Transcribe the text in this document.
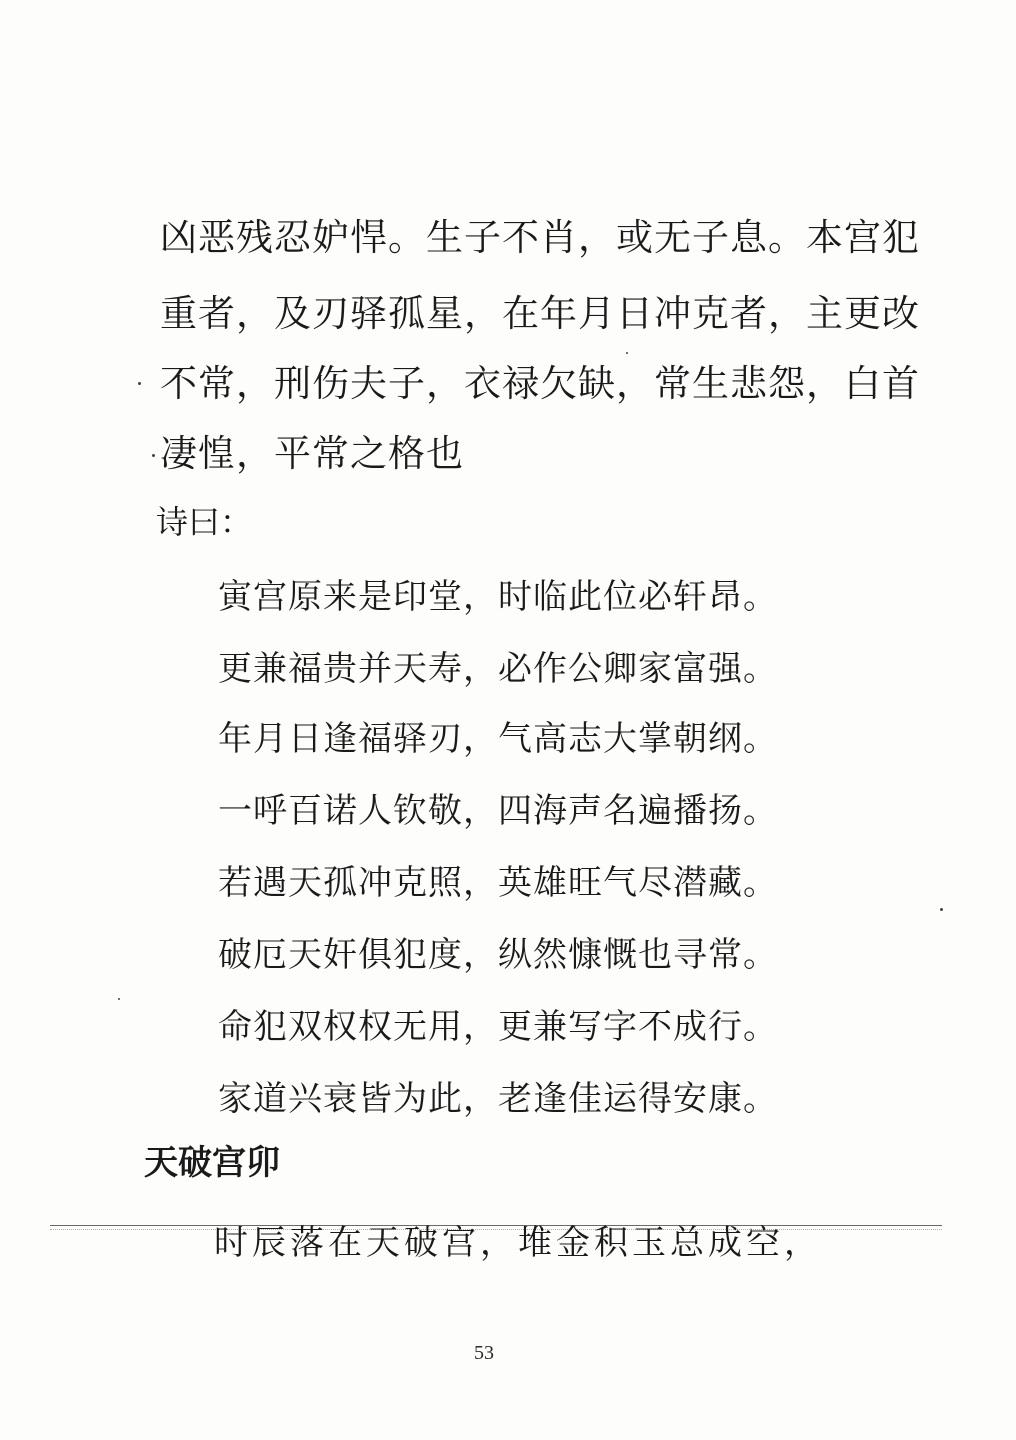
凶恶残忍妒悍。生子不肖，或无子息。本宫犯
重者，及刃驿孤星，在年月日冲克者，主更改
不常，刑伤夫子，衣禄欠缺，常生悲怨，白首
凄惶，平常之格也
诗曰：
寅宫原来是印堂，时临此位必轩昂。
更兼福贵并天寿，必作公卿家富强。
年月日逢福驿刃，气高志大掌朝纲。
一呼百诺人钦敬，四海声名遍播扬。
若遇天孤冲克照，英雄旺气尽潜藏。
破厄天奸俱犯度，纵然慷慨也寻常。
命犯双权权无用，更兼写字不成行。
家道兴衰皆为此，老逢佳运得安康。
天破宫卯
时辰落在天破宫，堆金积玉总成空，
53
